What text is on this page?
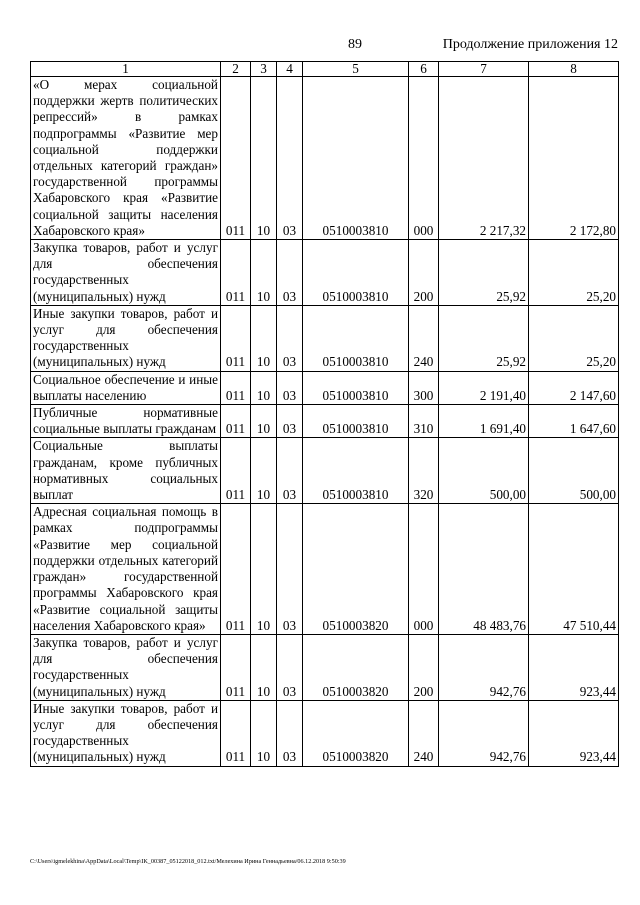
89	Продолжение приложения 12
1	2	3	4	5	6	7	8
«О мерах социальной поддержки жертв политических репрессий» в рамках подпрограммы «Развитие мер социальной поддержки отдельных категорий граждан» государственной программы Хабаровского края «Развитие социальной защиты населения Хабаровского края»	011	10	03	0510003810	000	2 217,32	2 172,80
Закупка товаров, работ и услуг для обеспечения государственных (муниципальных) нужд	011	10	03	0510003810	200	25,92	25,20
Иные закупки товаров, работ и услуг для обеспечения государственных (муниципальных) нужд	011	10	03	0510003810	240	25,92	25,20
Социальное обеспечение и иные выплаты населению	011	10	03	0510003810	300	2 191,40	2 147,60
Публичные нормативные социальные выплаты гражданам	011	10	03	0510003810	310	1 691,40	1 647,60
Социальные выплаты гражданам, кроме публичных нормативных социальных выплат	011	10	03	0510003810	320	500,00	500,00
Адресная социальная помощь в рамках подпрограммы «Развитие мер социальной поддержки отдельных категорий граждан» государственной программы Хабаровского края «Развитие социальной защиты населения Хабаровского края»	011	10	03	0510003820	000	48 483,76	47 510,44
Закупка товаров, работ и услуг для обеспечения государственных (муниципальных) нужд	011	10	03	0510003820	200	942,76	923,44
Иные закупки товаров, работ и услуг для обеспечения государственных (муниципальных) нужд	011	10	03	0510003820	240	942,76	923,44
C:\Users\igmelekhina\AppData\Local\Temp\IK_00387_05122018_012.txt/Мелехина Ирина Геннадьевна/06.12.2018 9:50:39
